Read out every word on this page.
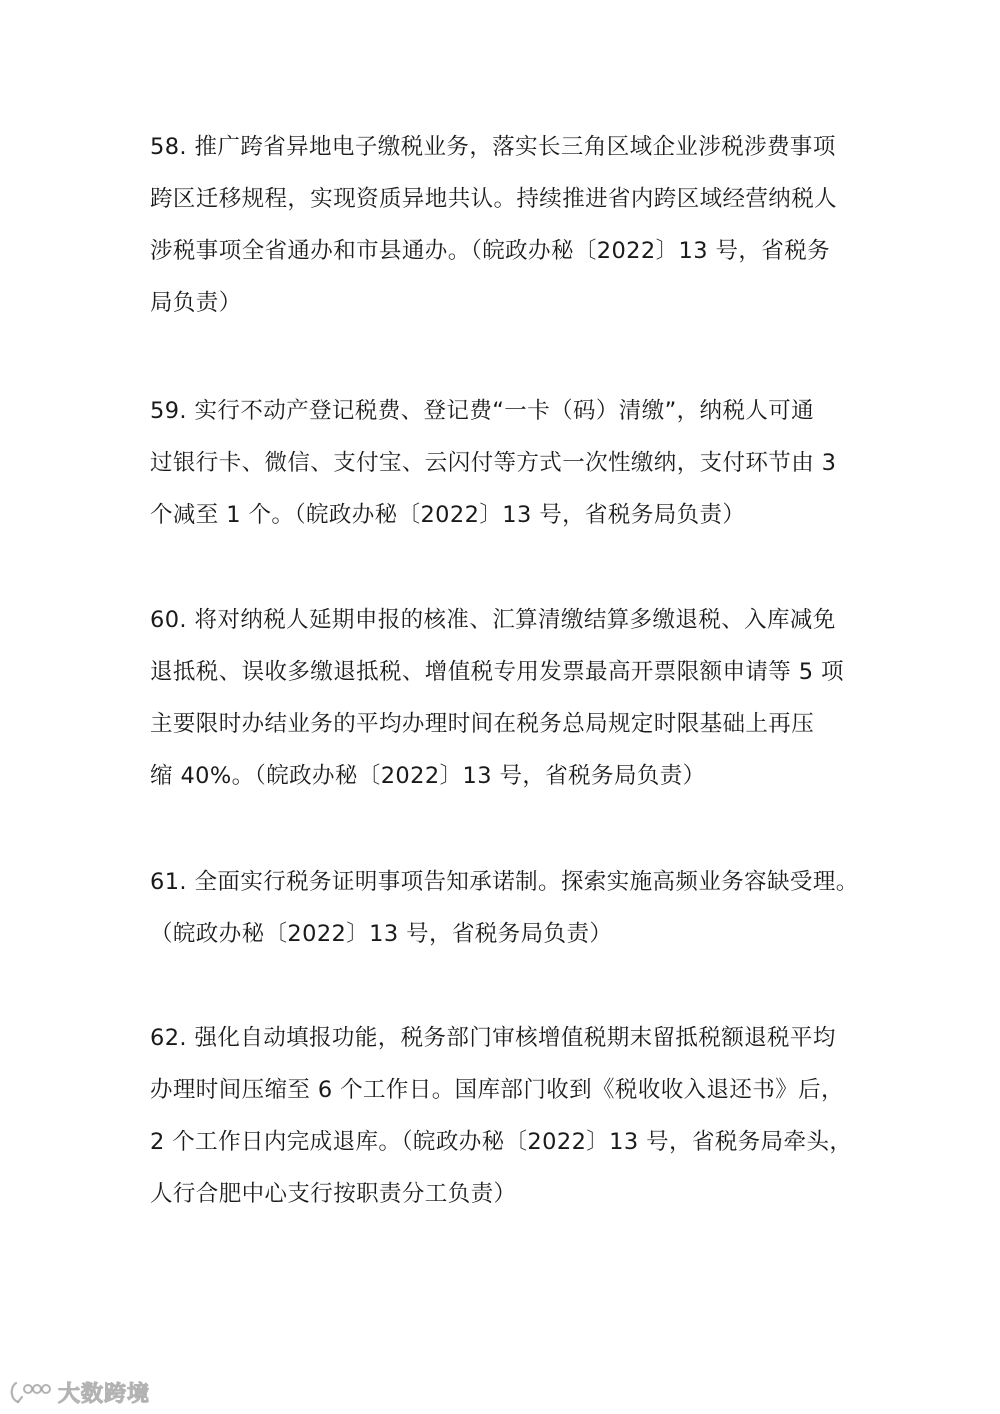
58. 推广跨省异地电子缴税业务，落实长三角区域企业涉税涉费事项
跨区迁移规程，实现资质异地共认。持续推进省内跨区域经营纳税人
涉税事项全省通办和市县通办。（皖政办秘〔2022〕13 号，省税务
局负责）
59. 实行不动产登记税费、登记费“一卡（码）清缴”，纳税人可通
过银行卡、微信、支付宝、云闪付等方式一次性缴纳，支付环节由 3
个减至 1 个。（皖政办秘〔2022〕13 号，省税务局负责）
60. 将对纳税人延期申报的核准、汇算清缴结算多缴退税、入库减免
退抵税、误收多缴退抵税、增值税专用发票最高开票限额申请等 5 项
主要限时办结业务的平均办理时间在税务总局规定时限基础上再压
缩 40%。（皖政办秘〔2022〕13 号，省税务局负责）
61. 全面实行税务证明事项告知承诺制。探索实施高频业务容缺受理。
（皖政办秘〔2022〕13 号，省税务局负责）
62. 强化自动填报功能，税务部门审核增值税期末留抵税额退税平均
办理时间压缩至 6 个工作日。国库部门收到《税收收入退还书》后，
2 个工作日内完成退库。（皖政办秘〔2022〕13 号，省税务局牵头，
人行合肥中心支行按职责分工负责）
大数跨境
